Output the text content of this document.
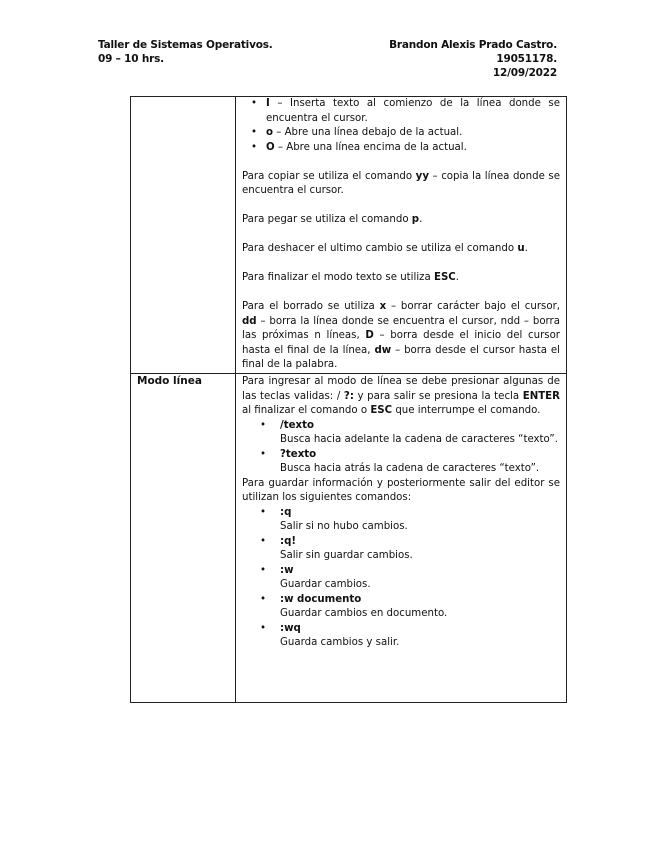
Taller de Sistemas Operativos.
09 – 10 hrs.
Brandon Alexis Prado Castro.
19051178.
12/09/2022
• I – Inserta texto al comienzo de la línea donde se encuentra el cursor.
• o – Abre una línea debajo de la actual.
• O – Abre una línea encima de la actual.

Para copiar se utiliza el comando yy – copia la línea donde se encuentra el cursor.

Para pegar se utiliza el comando p.

Para deshacer el ultimo cambio se utiliza el comando u.

Para finalizar el modo texto se utiliza ESC.

Para el borrado se utiliza x – borrar carácter bajo el cursor, dd – borra la línea donde se encuentra el cursor, ndd – borra las próximas n líneas, D – borra desde el inicio del cursor hasta el final de la línea, dw – borra desde el cursor hasta el final de la palabra.

Modo línea	Para ingresar al modo de línea se debe presionar algunas de las teclas validas: / ?: y para salir se presiona la tecla ENTER al finalizar el comando o ESC que interrumpe el comando.

• /texto
Busca hacia adelante la cadena de caracteres “texto”.
• ?texto
Busca hacia atrás la cadena de caracteres “texto”.

Para guardar información y posteriormente salir del editor se utilizan los siguientes comandos:

• :q
Salir si no hubo cambios.
• :q!
Salir sin guardar cambios.
• :w
Guardar cambios.
• :w documento
Guardar cambios en documento.
• :wq
Guarda cambios y salir.
